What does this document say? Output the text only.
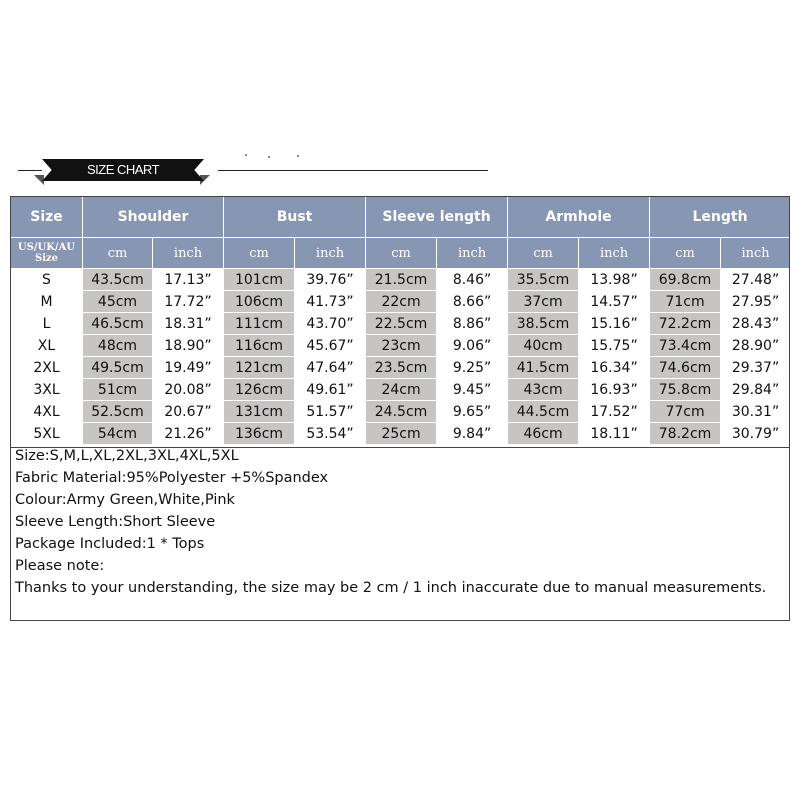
SIZE CHART
Size	Shoulder		Bust		Sleeve length		Armhole		Length	

US/UK/AU
Size	cm	inch	cm	inch	cm	inch	cm	inch	cm	inch
S	43.5cm	17.13”	101cm	39.76”	21.5cm	8.46”	35.5cm	13.98”	69.8cm	27.48”
M	45cm	17.72”	106cm	41.73”	22cm	8.66”	37cm	14.57”	71cm	27.95”
L	46.5cm	18.31”	111cm	43.70”	22.5cm	8.86”	38.5cm	15.16”	72.2cm	28.43”
XL	48cm	18.90”	116cm	45.67”	23cm	9.06”	40cm	15.75”	73.4cm	28.90”
2XL	49.5cm	19.49”	121cm	47.64”	23.5cm	9.25”	41.5cm	16.34”	74.6cm	29.37”
3XL	51cm	20.08”	126cm	49.61”	24cm	9.45”	43cm	16.93”	75.8cm	29.84”
4XL	52.5cm	20.67”	131cm	51.57”	24.5cm	9.65”	44.5cm	17.52”	77cm	30.31”
5XL	54cm	21.26”	136cm	53.54”	25cm	9.84”	46cm	18.11”	78.2cm	30.79”
Size:S,M,L,XL,2XL,3XL,4XL,5XL
Fabric Material:95%Polyester +5%Spandex
Colour:Army Green,White,Pink
Sleeve Length:Short Sleeve
Package Included:1 * Tops
Please note:
Thanks to your understanding, the size may be 2 cm / 1 inch inaccurate due to manual measurements.
